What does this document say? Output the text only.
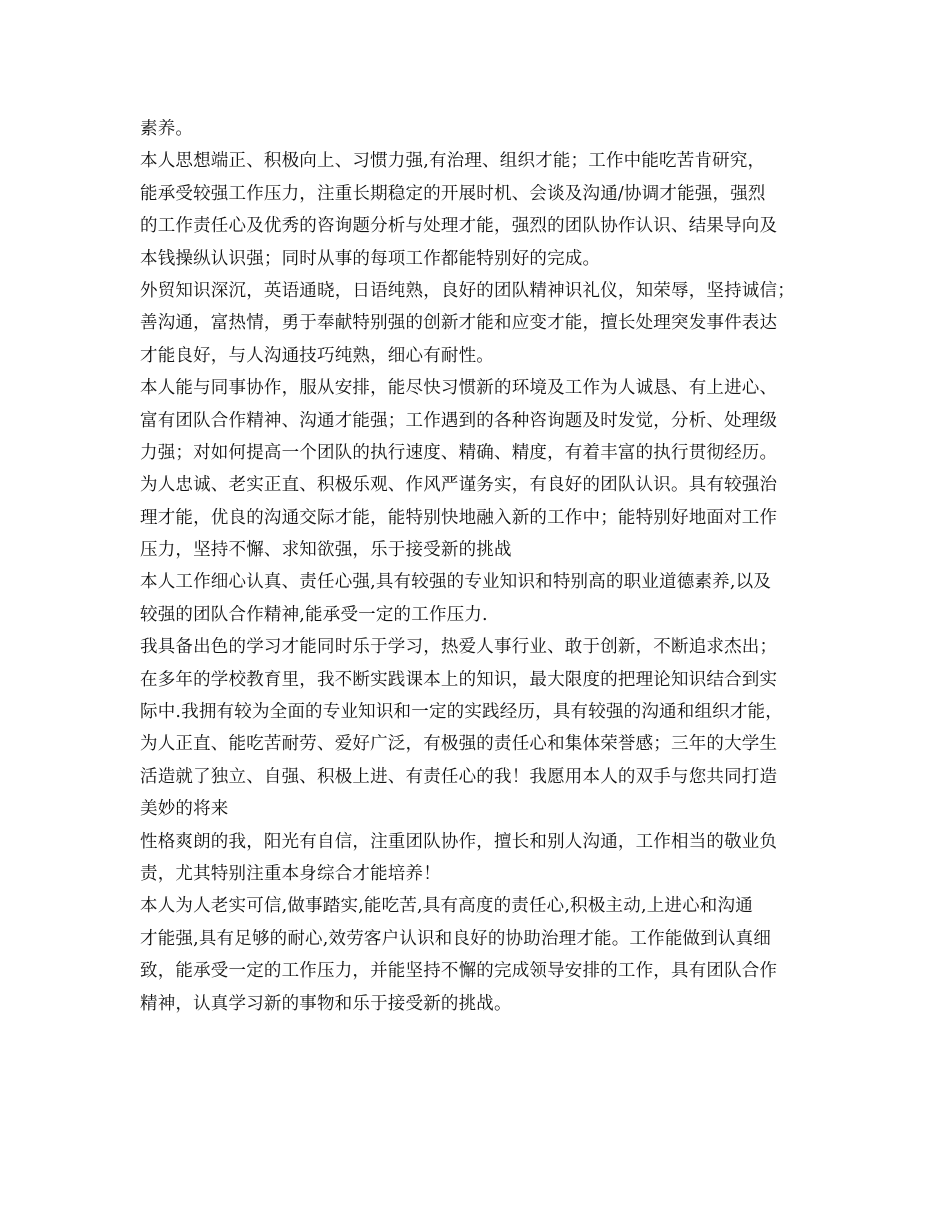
素养。
本人思想端正、积极向上、习惯力强,有治理、组织才能；工作中能吃苦肯研究，
能承受较强工作压力，注重长期稳定的开展时机、会谈及沟通/协调才能强，强烈
的工作责任心及优秀的咨询题分析与处理才能，强烈的团队协作认识、结果导向及
本钱操纵认识强；同时从事的每项工作都能特别好的完成。
外贸知识深沉，英语通晓，日语纯熟，良好的团队精神识礼仪，知荣辱，坚持诚信；
善沟通，富热情，勇于奉献特别强的创新才能和应变才能，擅长处理突发事件表达
才能良好，与人沟通技巧纯熟，细心有耐性。
本人能与同事协作，服从安排，能尽快习惯新的环境及工作为人诚恳、有上进心、
富有团队合作精神、沟通才能强；工作遇到的各种咨询题及时发觉，分析、处理级
力强；对如何提高一个团队的执行速度、精确、精度，有着丰富的执行贯彻经历。
为人忠诚、老实正直、积极乐观、作风严谨务实，有良好的团队认识。具有较强治
理才能，优良的沟通交际才能，能特别快地融入新的工作中；能特别好地面对工作
压力，坚持不懈、求知欲强，乐于接受新的挑战
本人工作细心认真、责任心强,具有较强的专业知识和特别高的职业道德素养,以及
较强的团队合作精神,能承受一定的工作压力.
我具备出色的学习才能同时乐于学习，热爱人事行业、敢于创新，不断追求杰出；
在多年的学校教育里，我不断实践课本上的知识，最大限度的把理论知识结合到实
际中.我拥有较为全面的专业知识和一定的实践经历，具有较强的沟通和组织才能，
为人正直、能吃苦耐劳、爱好广泛，有极强的责任心和集体荣誉感；三年的大学生
活造就了独立、自强、积极上进、有责任心的我！我愿用本人的双手与您共同打造
美妙的将来
性格爽朗的我，阳光有自信，注重团队协作，擅长和别人沟通，工作相当的敬业负
责，尤其特别注重本身综合才能培养！
本人为人老实可信,做事踏实,能吃苦,具有高度的责任心,积极主动,上进心和沟通
才能强,具有足够的耐心,效劳客户认识和良好的协助治理才能。工作能做到认真细
致，能承受一定的工作压力，并能坚持不懈的完成领导安排的工作，具有团队合作
精神，认真学习新的事物和乐于接受新的挑战。
